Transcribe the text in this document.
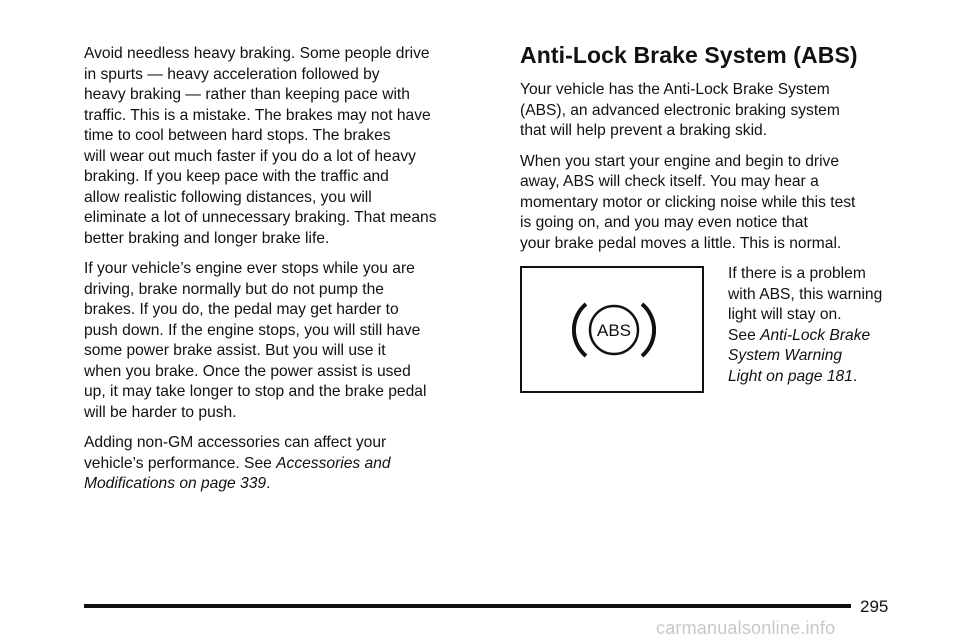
Avoid needless heavy braking. Some people drive
in spurts — heavy acceleration followed by
heavy braking — rather than keeping pace with
traffic. This is a mistake. The brakes may not have
time to cool between hard stops. The brakes
will wear out much faster if you do a lot of heavy
braking. If you keep pace with the traffic and
allow realistic following distances, you will
eliminate a lot of unnecessary braking. That means
better braking and longer brake life.

If your vehicle’s engine ever stops while you are
driving, brake normally but do not pump the
brakes. If you do, the pedal may get harder to
push down. If the engine stops, you will still have
some power brake assist. But you will use it
when you brake. Once the power assist is used
up, it may take longer to stop and the brake pedal
will be harder to push.

Adding non-GM accessories can affect your
vehicle’s performance. See Accessories and
Modifications on page 339.

Anti-Lock Brake System (ABS)

Your vehicle has the Anti-Lock Brake System
(ABS), an advanced electronic braking system
that will help prevent a braking skid.

When you start your engine and begin to drive
away, ABS will check itself. You may hear a
momentary motor or clicking noise while this test
is going on, and you may even notice that
your brake pedal moves a little. This is normal.

ABS

If there is a problem
with ABS, this warning
light will stay on.
See Anti-Lock Brake
System Warning
Light on page 181.

295
carmanualsonline.info
